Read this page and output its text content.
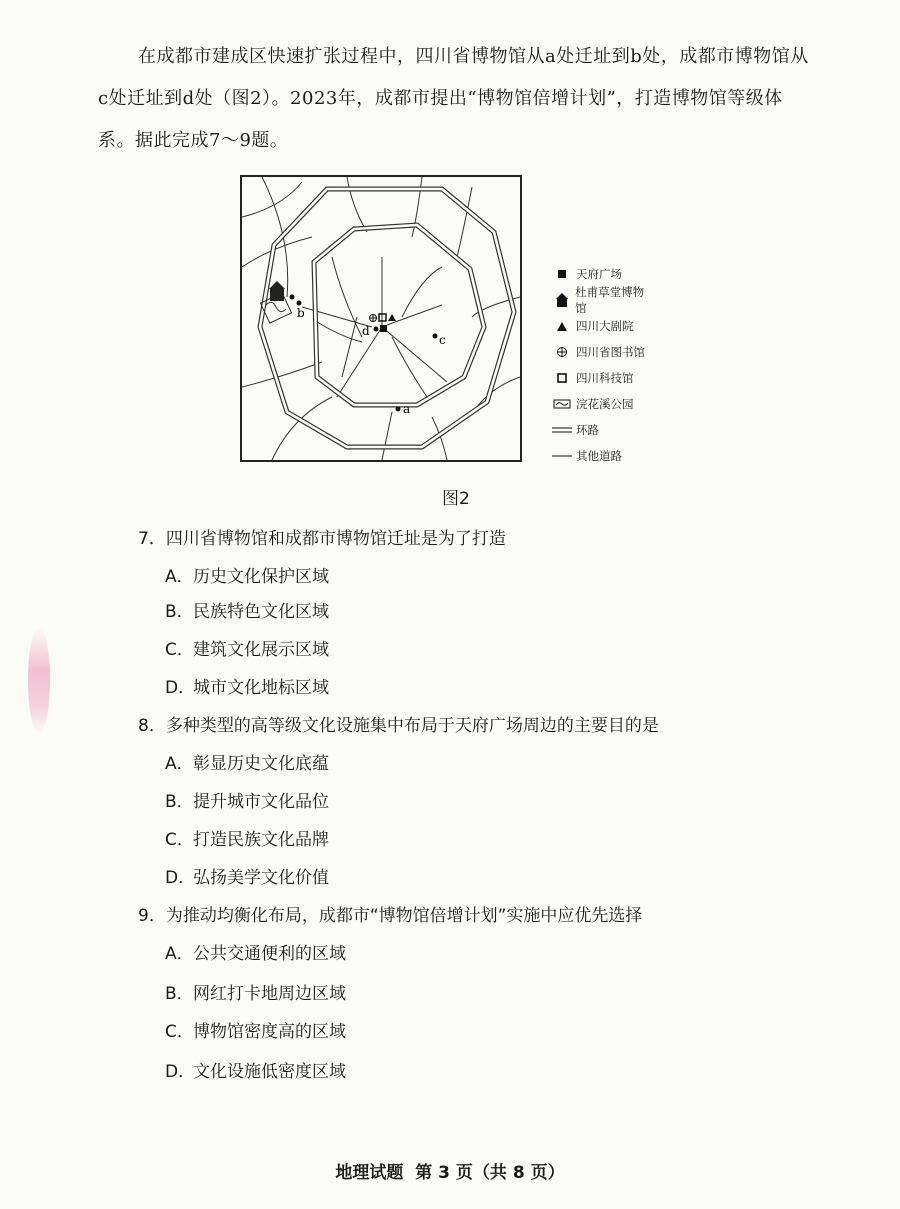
在成都市建成区快速扩张过程中，四川省博物馆从a处迁址到b处，成都市博物馆从c处迁址到d处（图2）。2023年，成都市提出“博物馆倍增计划”，打造博物馆等级体系。据此完成7～9题。

b
d
c
a
天府广场
杜甫草堂博物馆
四川大剧院
四川省图书馆
四川科技馆
浣花溪公园
环路
其他道路
图2
7．四川省博物馆和成都市博物馆迁址是为了打造
A．历史文化保护区域
B．民族特色文化区域
C．建筑文化展示区域
D．城市文化地标区域
8．多种类型的高等级文化设施集中布局于天府广场周边的主要目的是
A．彰显历史文化底蕴
B．提升城市文化品位
C．打造民族文化品牌
D．弘扬美学文化价值
9．为推动均衡化布局，成都市“博物馆倍增计划”实施中应优先选择
A．公共交通便利的区域
B．网红打卡地周边区域
C．博物馆密度高的区域
D．文化设施低密度区域
地理试题  第 3 页（共 8 页）
